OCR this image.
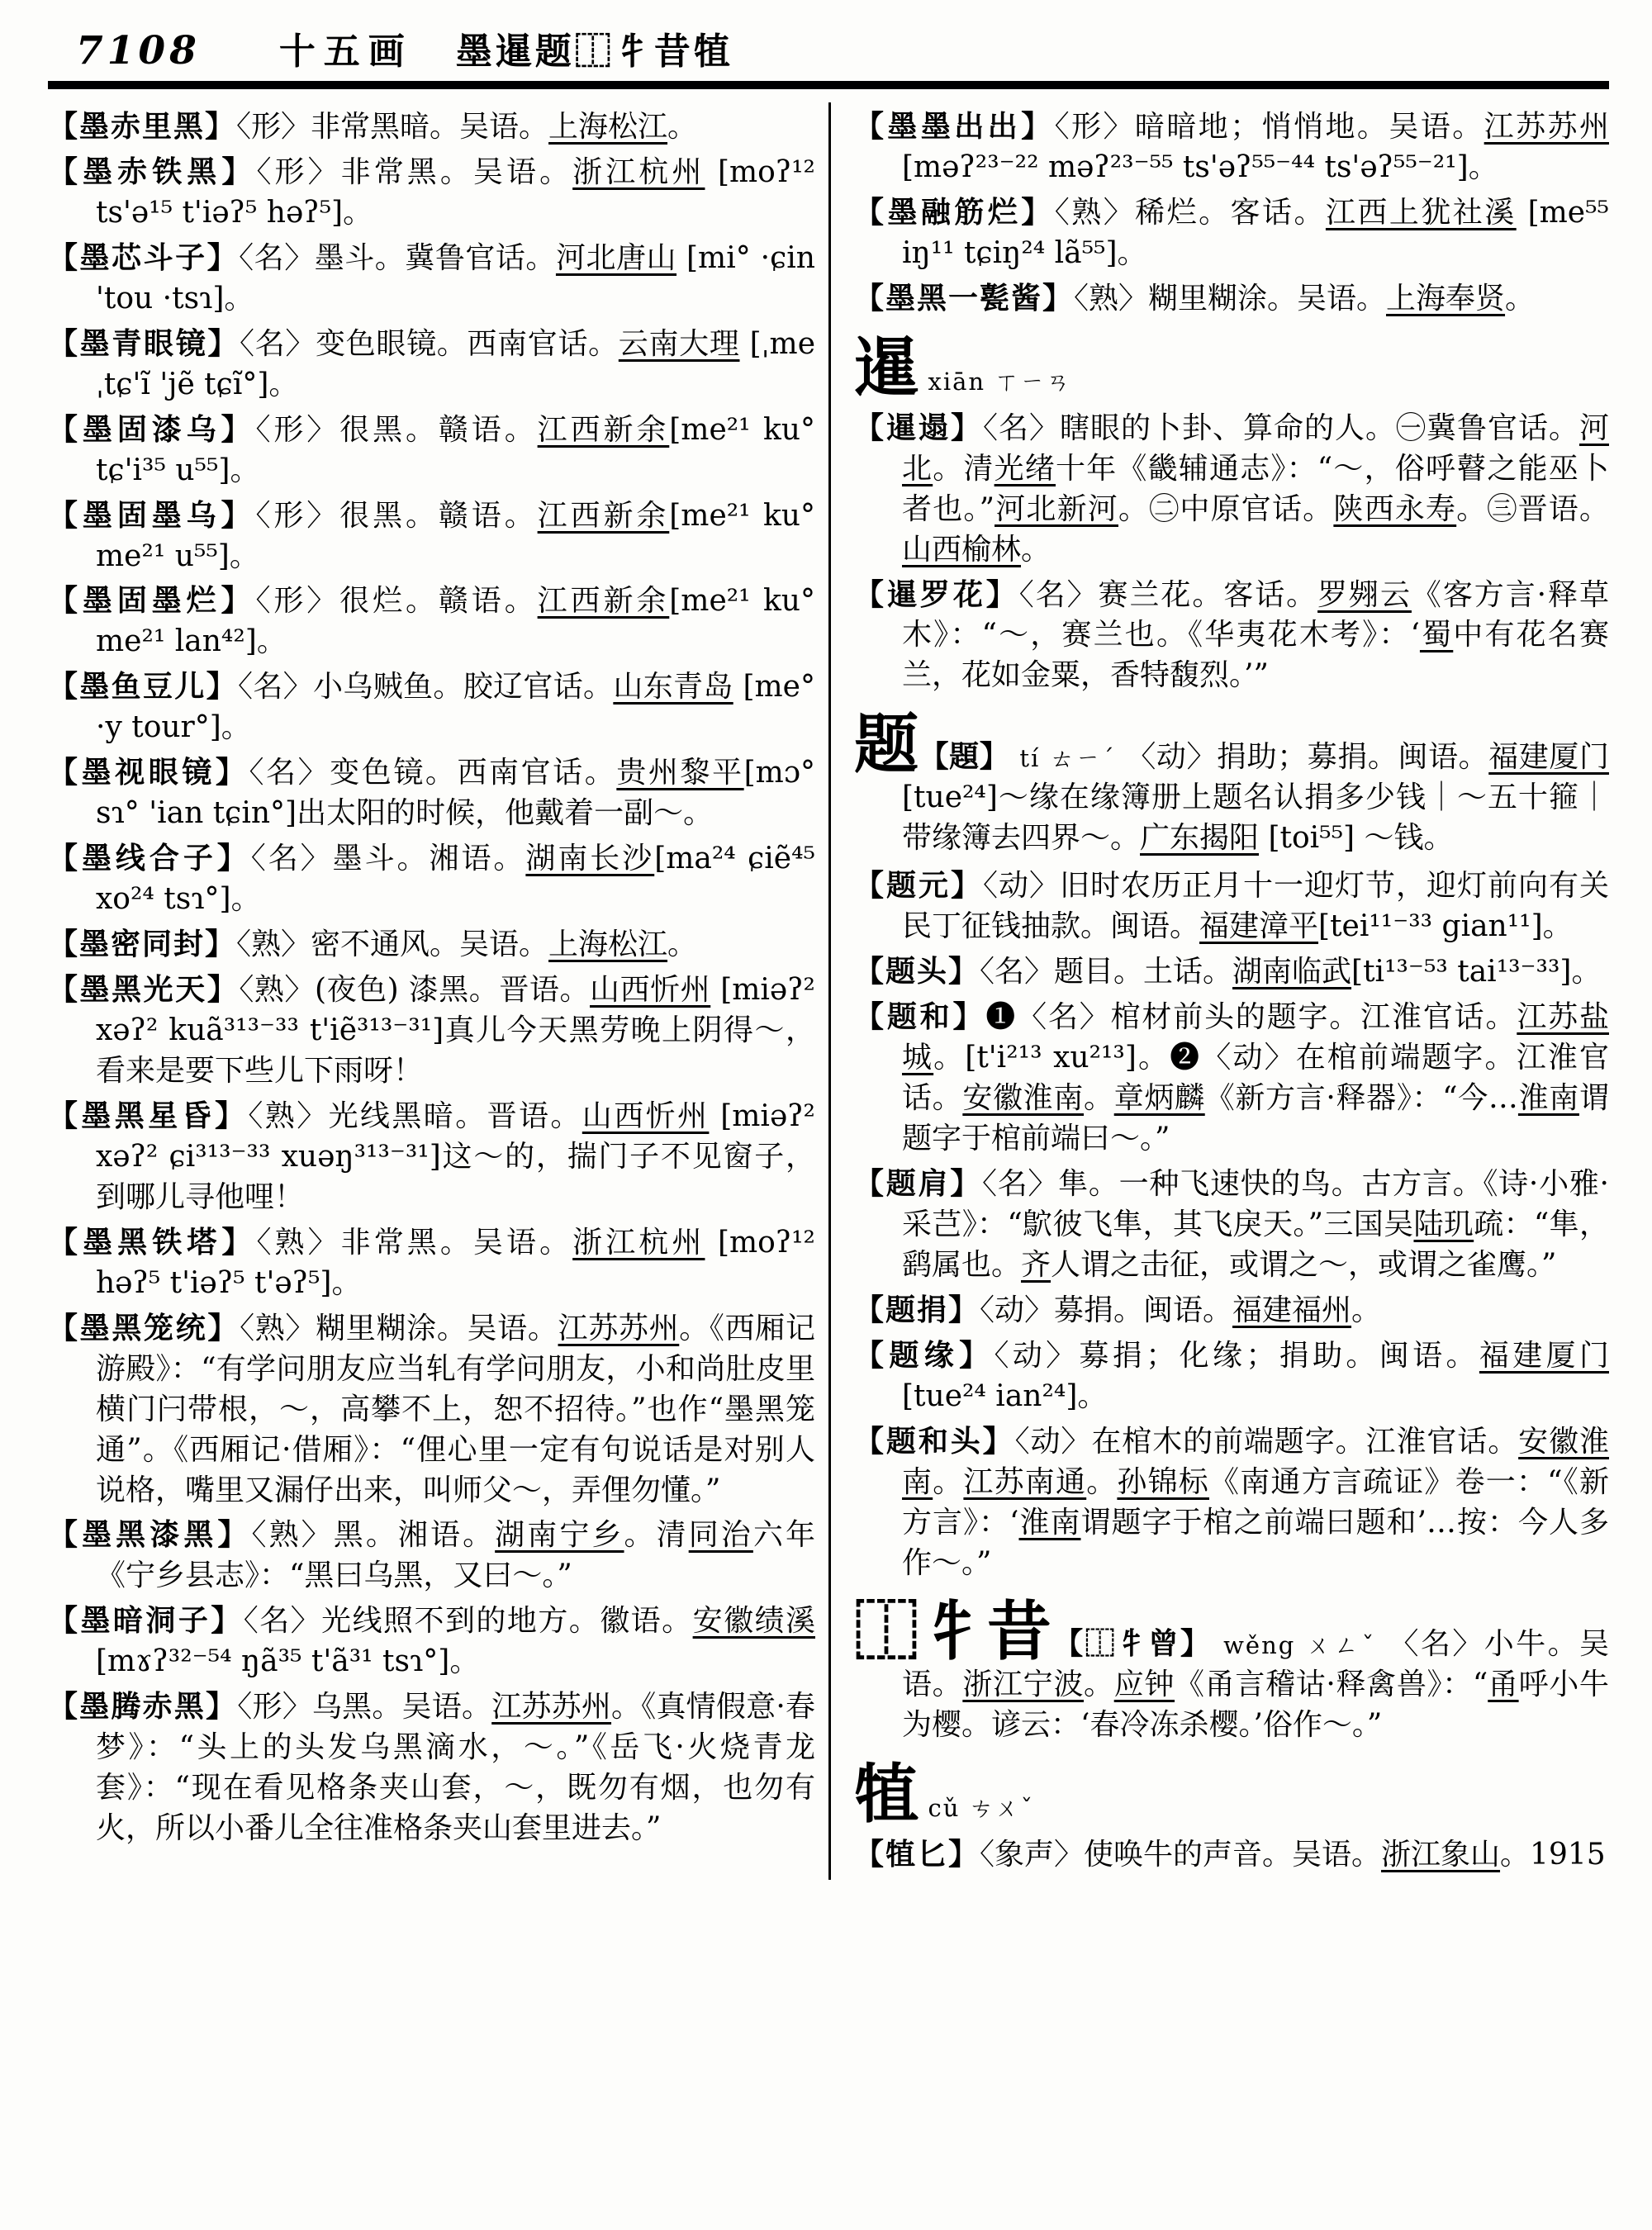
7108 十五画 墨暹题⿰牜昔犆
【墨赤里黑】〈形〉非常黑暗。吴语。上海松江。
【墨赤铁黑】〈形〉非常黑。吴语。浙江杭州 [moʔ¹² ts'ə¹⁵ t'iəʔ⁵ həʔ⁵]。
【墨芯斗子】〈名〉墨斗。冀鲁官话。河北唐山 [mi° ·ɕin 'tou ·tsɿ]。
【墨青眼镜】〈名〉变色眼镜。西南官话。云南大理 [ˌme ˌtɕ'ĩ 'jẽ tɕĩ°]。
【墨固漆乌】〈形〉很黑。赣语。江西新余[me²¹ ku° tɕ'i³⁵ u⁵⁵]。
【墨固墨乌】〈形〉很黑。赣语。江西新余[me²¹ ku° me²¹ u⁵⁵]。
【墨固墨烂】〈形〉很烂。赣语。江西新余[me²¹ ku° me²¹ lan⁴²]。
【墨鱼豆儿】〈名〉小乌贼鱼。胶辽官话。山东青岛 [me° ·y tour°]。
【墨视眼镜】〈名〉变色镜。西南官话。贵州黎平[mɔ° sɿ° 'ian tɕin°]出太阳的时候，他戴着一副～。
【墨线合子】〈名〉墨斗。湘语。湖南长沙[ma²⁴ ɕiẽ⁴⁵ xo²⁴ tsɿ°]。
【墨密同封】〈熟〉密不通风。吴语。上海松江。
【墨黑光天】〈熟〉(夜色) 漆黑。晋语。山西忻州 [miəʔ² xəʔ² kuã³¹³⁻³³ t'iẽ³¹³⁻³¹]真儿今天黑劳晚上阴得～，看来是要下些儿下雨呀！
【墨黑星昏】〈熟〉光线黑暗。晋语。山西忻州 [miəʔ² xəʔ² ɕi³¹³⁻³³ xuəŋ³¹³⁻³¹]这～的，揣门子不见窗子，到哪儿寻他哩！
【墨黑铁塔】〈熟〉非常黑。吴语。浙江杭州 [moʔ¹² həʔ⁵ t'iəʔ⁵ t'əʔ⁵]。
【墨黑笼统】〈熟〉糊里糊涂。吴语。江苏苏州。《西厢记 游殿》：“有学问朋友应当轧有学问朋友，小和尚肚皮里横门闩带根，～，高攀不上，恕不招待。”也作“墨黑笼通”。《西厢记·借厢》：“俚心里一定有句说话是对别人说格，嘴里又漏仔出来，叫师父～，弄俚勿懂。”
【墨黑漆黑】〈熟〉黑。湘语。湖南宁乡。清同治六年《宁乡县志》：“黑曰乌黑，又曰～。”
【墨暗洞子】〈名〉光线照不到的地方。徽语。安徽绩溪 [mɤʔ³²⁻⁵⁴ ŋã³⁵ t'ã³¹ tsɿ°]。
【墨腾赤黑】〈形〉乌黑。吴语。江苏苏州。《真情假意·春梦》：“头上的头发乌黑滴水，～。”《岳飞·火烧青龙套》：“现在看见格条夹山套，～，既勿有烟，也勿有火，所以小番儿全往准格条夹山套里进去。”
【墨墨出出】〈形〉暗暗地；悄悄地。吴语。江苏苏州 [məʔ²³⁻²² məʔ²³⁻⁵⁵ ts'əʔ⁵⁵⁻⁴⁴ ts'əʔ⁵⁵⁻²¹]。
【墨融筋烂】〈熟〉稀烂。客话。江西上犹社溪 [me⁵⁵ iŋ¹¹ tɕiŋ²⁴ lã⁵⁵]。
【墨黑一甏酱】〈熟〉糊里糊涂。吴语。上海奉贤。
暹 xiān ㄒㄧㄢ
【暹遢】〈名〉瞎眼的卜卦、算命的人。㊀冀鲁官话。河北。清光绪十年《畿辅通志》：“～，俗呼瞽之能巫卜者也。”河北新河。㊁中原官话。陕西永寿。㊂晋语。山西榆林。
【暹罗花】〈名〉赛兰花。客话。罗翙云《客方言·释草木》：“～，赛兰也。《华夷花木考》：‘蜀中有花名赛兰，花如金粟，香特馥烈。’”
题【題】 tí ㄊㄧˊ 〈动〉捐助；募捐。闽语。福建厦门 [tue²⁴]～缘在缘簿册上题名认捐多少钱｜～五十箍｜带缘簿去四界～。广东揭阳 [toi⁵⁵] ～钱。
【题元】〈动〉旧时农历正月十一迎灯节，迎灯前向有关民丁征钱抽款。闽语。福建漳平[tei¹¹⁻³³ gian¹¹]。
【题头】〈名〉题目。土话。湖南临武[ti¹³⁻⁵³ tai¹³⁻³³]。
【题和】❶〈名〉棺材前头的题字。江淮官话。江苏盐城。[t'i²¹³ xu²¹³]。❷〈动〉在棺前端题字。江淮官话。安徽淮南。章炳麟《新方言·释器》：“今…淮南谓题字于棺前端曰～。”
【题肩】〈名〉隼。一种飞速快的鸟。古方言。《诗·小雅·采芑》：“鴥彼飞隼，其飞戾天。”三国吴陆玑疏：“隼，鹞属也。齐人谓之击征，或谓之～，或谓之雀鹰。”
【题捐】〈动〉募捐。闽语。福建福州。
【题缘】〈动〉募捐；化缘；捐助。闽语。福建厦门 [tue²⁴ ian²⁴]。
【题和头】〈动〉在棺木的前端题字。江淮官话。安徽淮南。江苏南通。孙锦标《南通方言疏证》卷一：“《新方言》：‘淮南谓题字于棺之前端曰题和’…按：今人多作～。”
⿰牜昔【⿰牜曾】 wěng ㄨㄥˇ 〈名〉小牛。吴语。浙江宁波。应钟《甬言稽诂·释禽兽》：“甬呼小牛为樱。谚云：‘春冷冻杀樱。’俗作～。”
犆 cǔ ㄘㄨˇ
【犆匕】〈象声〉使唤牛的声音。吴语。浙江象山。1915
